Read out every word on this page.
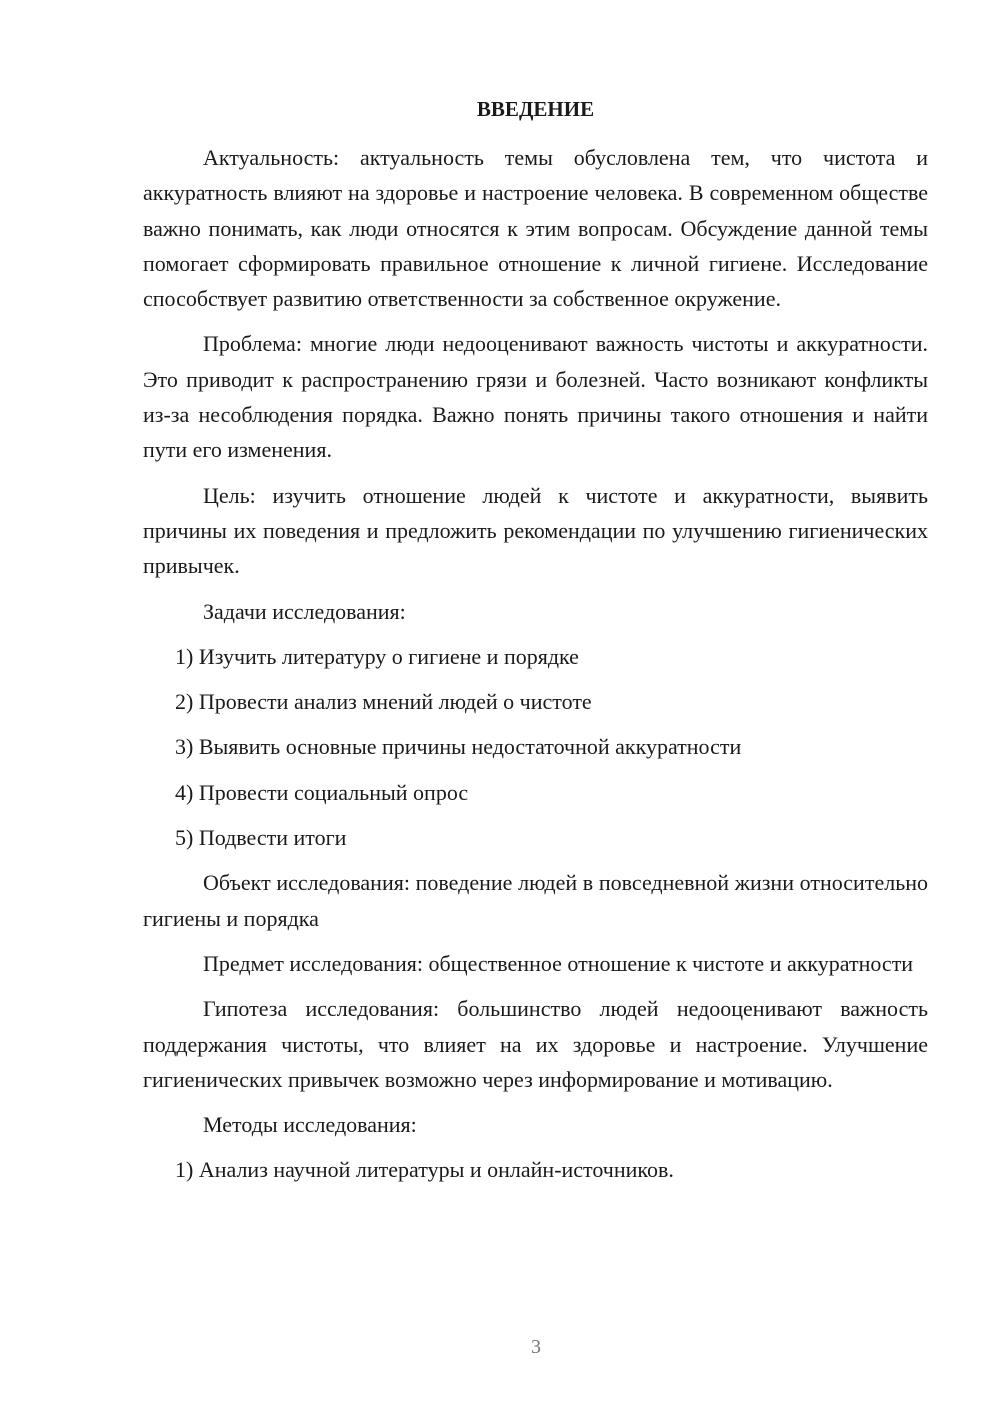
ВВЕДЕНИЕ

Актуальность: актуальность темы обусловлена тем, что чистота и аккуратность влияют на здоровье и настроение человека. В современном обществе важно понимать, как люди относятся к этим вопросам. Обсуждение данной темы помогает сформировать правильное отношение к личной гигиене. Исследование способствует развитию ответственности за собственное окружение.

Проблема: многие люди недооценивают важность чистоты и аккуратности. Это приводит к распространению грязи и болезней. Часто возникают конфликты из-за несоблюдения порядка. Важно понять причины такого отношения и найти пути его изменения.

Цель: изучить отношение людей к чистоте и аккуратности, выявить причины их поведения и предложить рекомендации по улучшению гигиенических привычек.

Задачи исследования:
1) Изучить литературу о гигиене и порядке
2) Провести анализ мнений людей о чистоте
3) Выявить основные причины недостаточной аккуратности
4) Провести социальный опрос
5) Подвести итоги

Объект исследования: поведение людей в повседневной жизни относительно гигиены и порядка

Предмет исследования: общественное отношение к чистоте и аккуратности

Гипотеза исследования: большинство людей недооценивают важность поддержания чистоты, что влияет на их здоровье и настроение. Улучшение гигиенических привычек возможно через информирование и мотивацию.

Методы исследования:
1) Анализ научной литературы и онлайн-источников.
3
